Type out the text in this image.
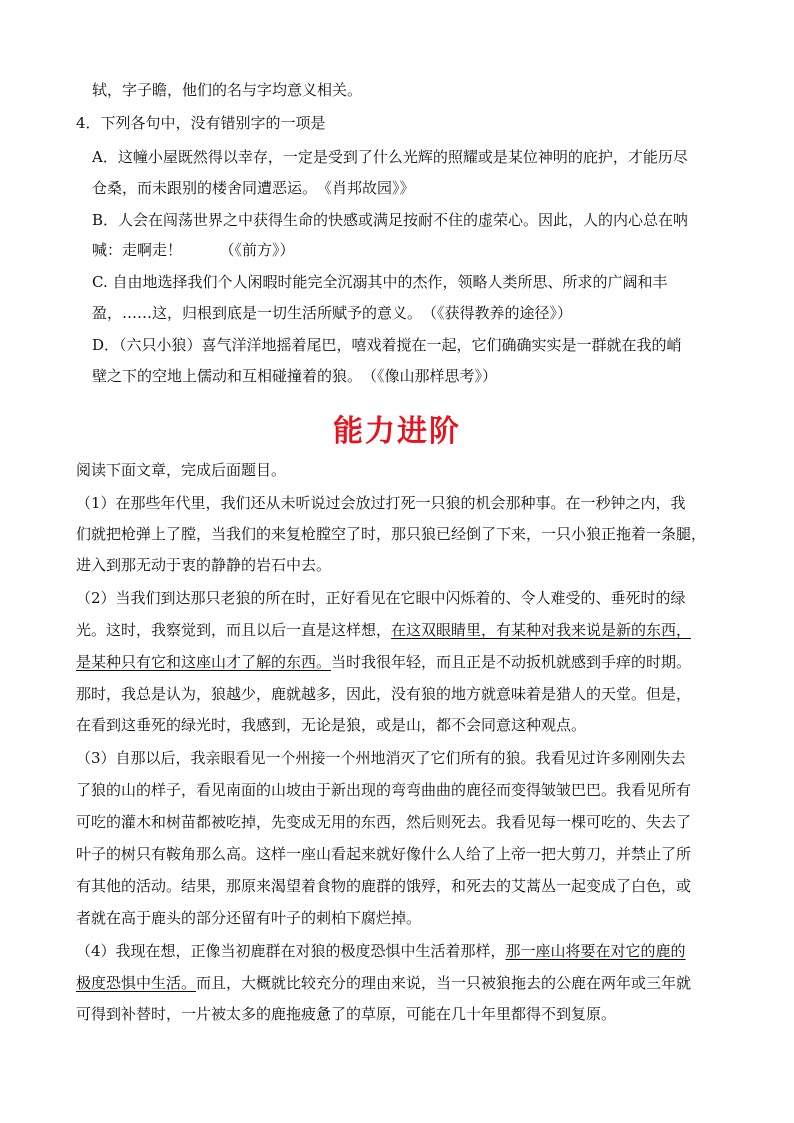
轼，字子瞻，他们的名与字均意义相关。
4．下列各句中，没有错别字的一项是
A．这幢小屋既然得以幸存，一定是受到了什么光辉的照耀或是某位神明的庇护，才能历尽
仓桑，而未跟别的楼舍同遭恶运。　《肖邦故园》》
B．人会在闯荡世界之中获得生命的快感或满足按耐不住的虚荣心。因此，人的内心总在呐
喊：走啊走！　　　（《前方》）
C. 自由地选择我们个人闲暇时能完全沉溺其中的杰作，领略人类所思、所求的广阔和丰
盈，……这，归根到底是一切生活所赋予的意义。　（《获得教养的途径》）
D．（六只小狼）喜气洋洋地摇着尾巴，嘻戏着搅在一起，它们确确实实是一群就在我的峭
壁之下的空地上儒动和互相碰撞着的狼。　（《像山那样思考》）
能力进阶
阅读下面文章，完成后面题目。
（1）在那些年代里，我们还从未听说过会放过打死一只狼的机会那种事。在一秒钟之内，我
们就把枪弹上了膛，当我们的来复枪膛空了时，那只狼已经倒了下来，一只小狼正拖着一条腿，
进入到那无动于衷的静静的岩石中去。
（2）当我们到达那只老狼的所在时，正好看见在它眼中闪烁着的、令人难受的、垂死时的绿
光。这时，我察觉到，而且以后一直是这样想，在这双眼睛里，有某种对我来说是新的东西，
是某种只有它和这座山才了解的东西。当时我很年轻，而且正是不动扳机就感到手痒的时期。
那时，我总是认为，狼越少，鹿就越多，因此，没有狼的地方就意味着是猎人的天堂。但是，
在看到这垂死的绿光时，我感到，无论是狼，或是山，都不会同意这种观点。
（3）自那以后，我亲眼看见一个州接一个州地消灭了它们所有的狼。我看见过许多刚刚失去
了狼的山的样子，看见南面的山坡由于新出现的弯弯曲曲的鹿径而变得皱皱巴巴。我看见所有
可吃的灌木和树苗都被吃掉，先变成无用的东西，然后则死去。我看见每一棵可吃的、失去了
叶子的树只有鞍角那么高。这样一座山看起来就好像什么人给了上帝一把大剪刀，并禁止了所
有其他的活动。结果，那原来渴望着食物的鹿群的饿殍，和死去的艾蒿丛一起变成了白色，或
者就在高于鹿头的部分还留有叶子的刺柏下腐烂掉。
（4）我现在想，正像当初鹿群在对狼的极度恐惧中生活着那样，那一座山将要在对它的鹿的
极度恐惧中生活。而且，大概就比较充分的理由来说，当一只被狼拖去的公鹿在两年或三年就
可得到补替时，一片被太多的鹿拖疲惫了的草原，可能在几十年里都得不到复原。
